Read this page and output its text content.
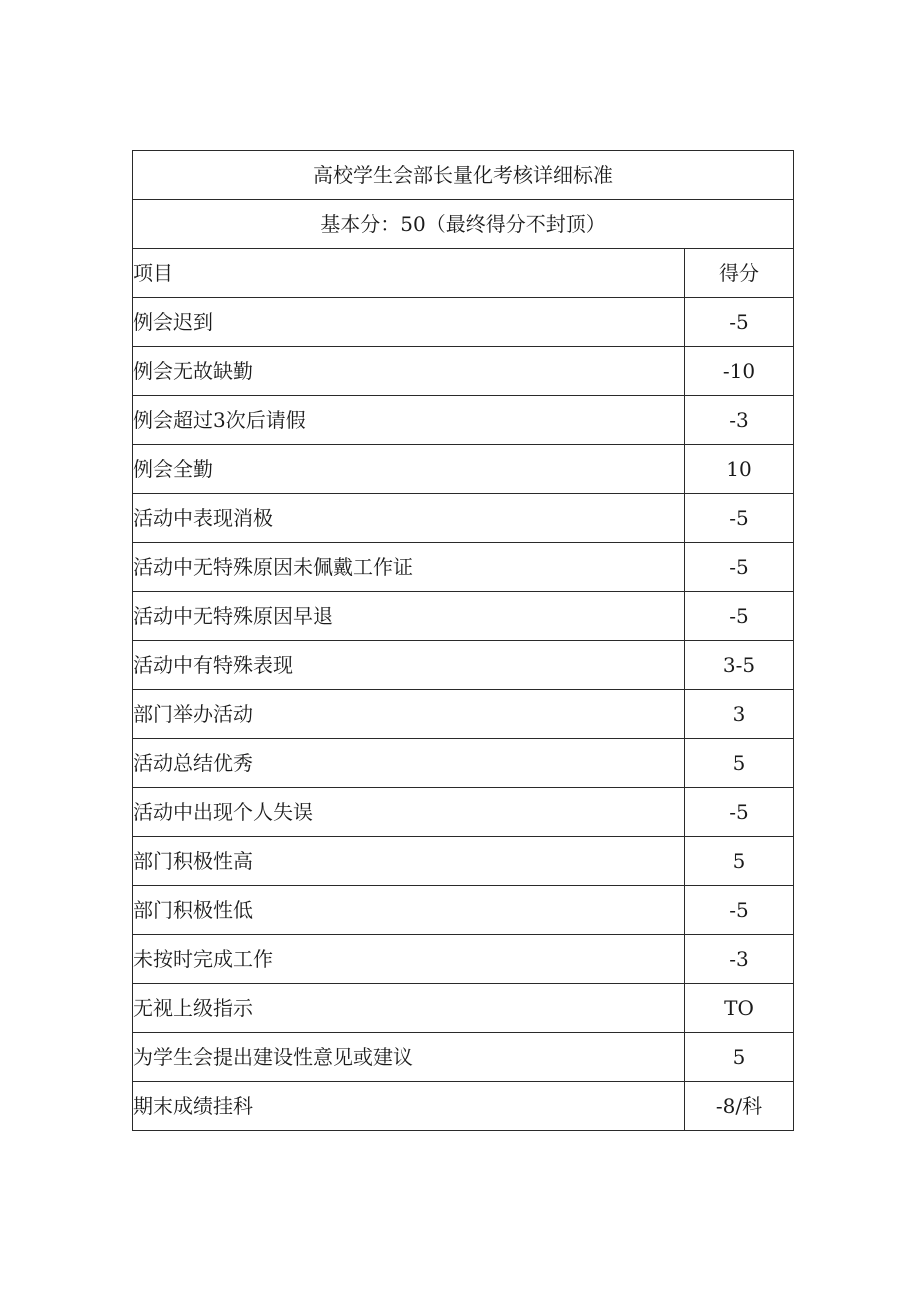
高校学生会部长量化考核详细标准	
基本分：50（最终得分不封顶）	
项目	得分
例会迟到	-5
例会无故缺勤	-10
例会超过3次后请假	-3
例会全勤	10
活动中表现消极	-5
活动中无特殊原因未佩戴工作证	-5
活动中无特殊原因早退	-5
活动中有特殊表现	3-5
部门举办活动	3
活动总结优秀	5
活动中出现个人失误	-5
部门积极性高	5
部门积极性低	-5
未按时完成工作	-3
无视上级指示	TO
为学生会提出建设性意见或建议	5
期末成绩挂科	-8/科
